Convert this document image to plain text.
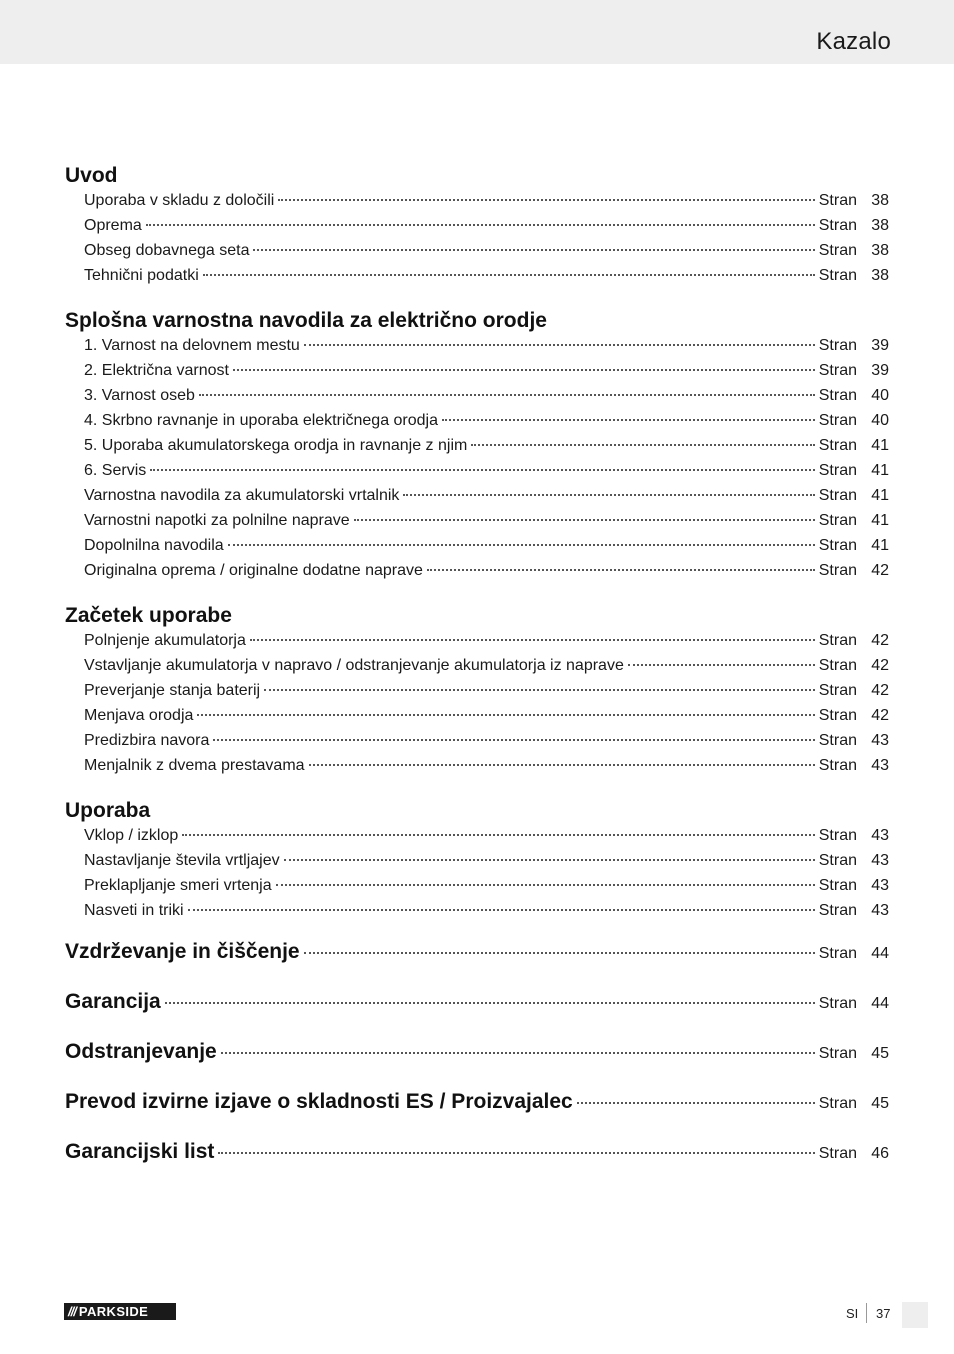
Kazalo
Uvod
Uporaba v skladu z določili	Stran 38
Oprema	Stran 38
Obseg dobavnega seta	Stran 38
Tehnični podatki	Stran 38
Splošna varnostna navodila za električno orodje
1. Varnost na delovnem mestu	Stran 39
2. Električna varnost	Stran 39
3. Varnost oseb	Stran 40
4. Skrbno ravnanje in uporaba električnega orodja	Stran 40
5. Uporaba akumulatorskega orodja in ravnanje z njim	Stran 41
6. Servis	Stran 41
Varnostna navodila za akumulatorski vrtalnik	Stran 41
Varnostni napotki za polnilne naprave	Stran 41
Dopolnilna navodila	Stran 41
Originalna oprema / originalne dodatne naprave	Stran 42
Začetek uporabe
Polnjenje akumulatorja	Stran 42
Vstavljanje akumulatorja v napravo / odstranjevanje akumulatorja iz naprave	Stran 42
Preverjanje stanja baterij	Stran 42
Menjava orodja	Stran 42
Predizbira navora	Stran 43
Menjalnik z dvema prestavama	Stran 43
Uporaba
Vklop / izklop	Stran 43
Nastavljanje števila vrtljajev	Stran 43
Preklapljanje smeri vrtenja	Stran 43
Nasveti in triki	Stran 43
Vzdrževanje in čiščenje	Stran 44
Garancija	Stran 44
Odstranjevanje	Stran 45
Prevod izvirne izjave o skladnosti ES / Proizvajalec	Stran 45
Garancijski list	Stran 46
/// PARKSIDE	SI 37
